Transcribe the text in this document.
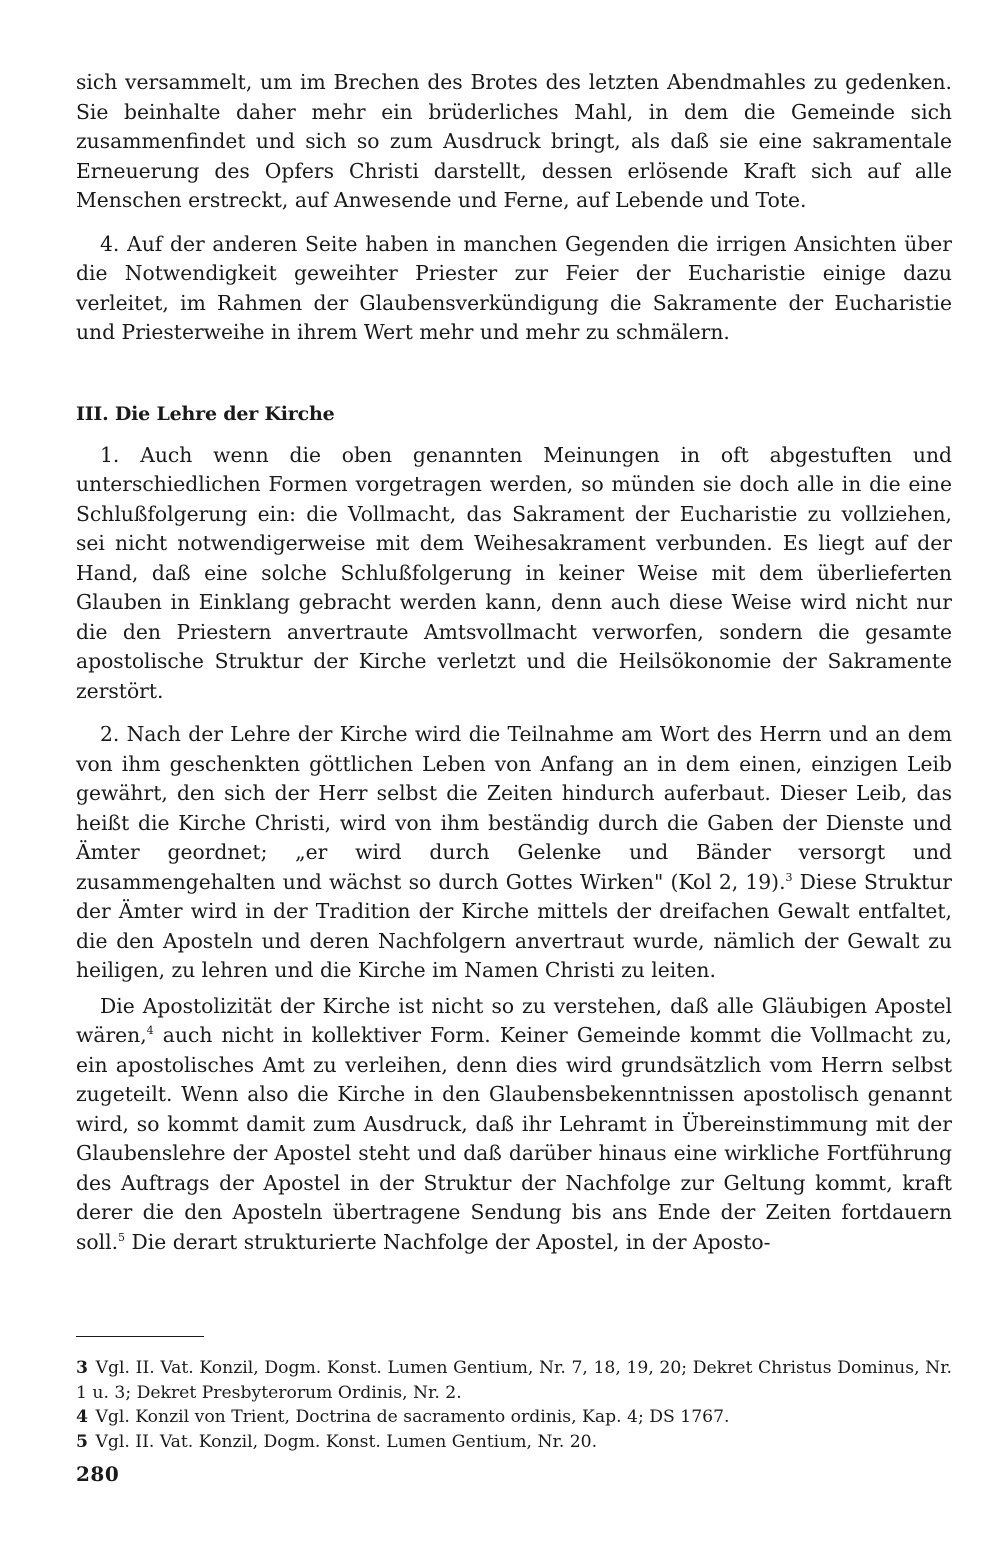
sich versammelt, um im Brechen des Brotes des letzten Abendmahles zu gedenken. Sie beinhalte daher mehr ein brüderliches Mahl, in dem die Gemeinde sich zusammenfindet und sich so zum Ausdruck bringt, als daß sie eine sakramentale Erneuerung des Opfers Christi darstellt, dessen erlösende Kraft sich auf alle Menschen erstreckt, auf Anwesende und Ferne, auf Lebende und Tote.

4. Auf der anderen Seite haben in manchen Gegenden die irrigen Ansichten über die Notwendigkeit geweihter Priester zur Feier der Eucharistie einige dazu verleitet, im Rahmen der Glaubensverkündigung die Sakramente der Eucharistie und Priesterweihe in ihrem Wert mehr und mehr zu schmälern.

III. Die Lehre der Kirche

1. Auch wenn die oben genannten Meinungen in oft abgestuften und unterschiedlichen Formen vorgetragen werden, so münden sie doch alle in die eine Schlußfolgerung ein: die Vollmacht, das Sakrament der Eucharistie zu vollziehen, sei nicht notwendigerweise mit dem Weihesakrament verbunden. Es liegt auf der Hand, daß eine solche Schlußfolgerung in keiner Weise mit dem überlieferten Glauben in Einklang gebracht werden kann, denn auch diese Weise wird nicht nur die den Priestern anvertraute Amtsvollmacht verworfen, sondern die gesamte apostolische Struktur der Kirche verletzt und die Heilsökonomie der Sakramente zerstört.

2. Nach der Lehre der Kirche wird die Teilnahme am Wort des Herrn und an dem von ihm geschenkten göttlichen Leben von Anfang an in dem einen, einzigen Leib gewährt, den sich der Herr selbst die Zeiten hindurch auferbaut. Dieser Leib, das heißt die Kirche Christi, wird von ihm beständig durch die Gaben der Dienste und Ämter geordnet; „er wird durch Gelenke und Bänder versorgt und zusammengehalten und wächst so durch Gottes Wirken" (Kol 2, 19).$^3$ Diese Struktur der Ämter wird in der Tradition der Kirche mittels der dreifachen Gewalt entfaltet, die den Aposteln und deren Nachfolgern anvertraut wurde, nämlich der Gewalt zu heiligen, zu lehren und die Kirche im Namen Christi zu leiten.

Die Apostolizität der Kirche ist nicht so zu verstehen, daß alle Gläubigen Apostel wären,$^4$ auch nicht in kollektiver Form. Keiner Gemeinde kommt die Vollmacht zu, ein apostolisches Amt zu verleihen, denn dies wird grundsätzlich vom Herrn selbst zugeteilt. Wenn also die Kirche in den Glaubensbekenntnissen apostolisch genannt wird, so kommt damit zum Ausdruck, daß ihr Lehramt in Übereinstimmung mit der Glaubenslehre der Apostel steht und daß darüber hinaus eine wirkliche Fortführung des Auftrags der Apostel in der Struktur der Nachfolge zur Geltung kommt, kraft derer die den Aposteln übertragene Sendung bis ans Ende der Zeiten fortdauern soll.$^5$ Die derart strukturierte Nachfolge der Apostel, in der Aposto-

3 Vgl. II. Vat. Konzil, Dogm. Konst. Lumen Gentium, Nr. 7, 18, 19, 20; Dekret Christus Dominus, Nr. 1 u. 3; Dekret Presbyterorum Ordinis, Nr. 2.

4 Vgl. Konzil von Trient, Doctrina de sacramento ordinis, Kap. 4; DS 1767.

5 Vgl. II. Vat. Konzil, Dogm. Konst. Lumen Gentium, Nr. 20.

280
